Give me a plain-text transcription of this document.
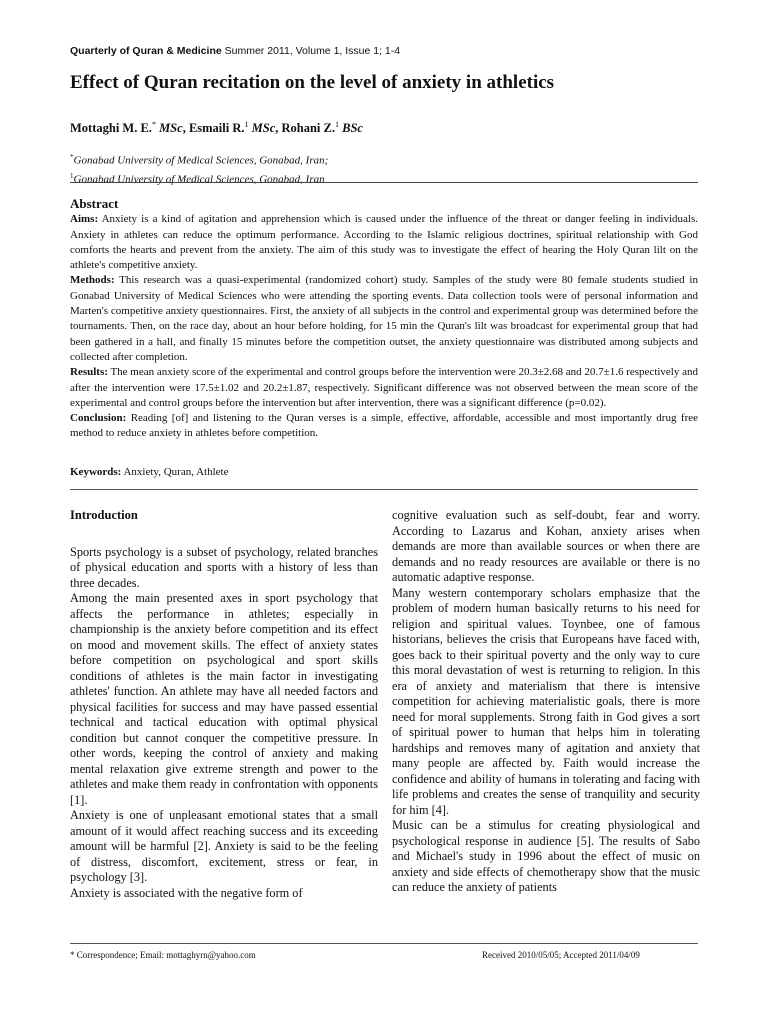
Quarterly of Quran & Medicine Summer 2011, Volume 1, Issue 1; 1-4
Effect of Quran recitation on the level of anxiety in athletics
Mottaghi M. E.* MSc, Esmaili R.$^1$ MSc, Rohani Z.$^1$ BSc
*Gonabad University of Medical Sciences, Gonabad, Iran;
$^1$Gonabad University of Medical Sciences, Gonabad, Iran
Abstract

Aims: Anxiety is a kind of agitation and apprehension which is caused under the influence of the threat or danger feeling in individuals. Anxiety in athletes can reduce the optimum performance. According to the Islamic religious doctrines, spiritual relationship with God comforts the hearts and prevent from the anxiety. The aim of this study was to investigate the effect of hearing the Holy Quran lilt on the athlete's competitive anxiety.

Methods: This research was a quasi-experimental (randomized cohort) study. Samples of the study were 80 female students studied in Gonabad University of Medical Sciences who were attending the sporting events. Data collection tools were of personal information and Marten's competitive anxiety questionnaires. First, the anxiety of all subjects in the control and experimental group was determined before the tournaments. Then, on the race day, about an hour before holding, for 15 min the Quran's lilt was broadcast for experimental group that had been gathered in a hall, and finally 15 minutes before the competition outset, the anxiety questionnaire was distributed among subjects and collected after completion.

Results: The mean anxiety score of the experimental and control groups before the intervention were 20.3±2.68 and 20.7±1.6 respectively and after the intervention were 17.5±1.02 and 20.2±1.87, respectively. Significant difference was not observed between the mean score of the experimental and control groups before the intervention but after intervention, there was a significant difference (p=0.02).

Conclusion: Reading [of] and listening to the Quran verses is a simple, effective, affordable, accessible and most importantly drug free method to reduce anxiety in athletes before competition.

Keywords: Anxiety, Quran, Athlete
Introduction

Sports psychology is a subset of psychology, related branches of physical education and sports with a history of less than three decades.

Among the main presented axes in sport psychology that affects the performance in athletes; especially in championship is the anxiety before competition and its effect on mood and movement skills. The effect of anxiety states before competition on psychological and sport skills conditions of athletes is the main factor in investigating athletes' function. An athlete may have all needed factors and physical facilities for success and may have passed essential technical and tactical education with optimal physical condition but cannot conquer the competitive pressure. In other words, keeping the control of anxiety and making mental relaxation give extreme strength and power to the athletes and make them ready in confrontation with opponents [1].

Anxiety is one of unpleasant emotional states that a small amount of it would affect reaching success and its exceeding amount will be harmful [2]. Anxiety is said to be the feeling of distress, discomfort, excitement, stress or fear, in psychology [3].

Anxiety is associated with the negative form of

cognitive evaluation such as self-doubt, fear and worry. According to Lazarus and Kohan, anxiety arises when demands are more than available sources or when there are demands and no ready resources are available or there is no automatic adaptive response.

Many western contemporary scholars emphasize that the problem of modern human basically returns to his need for religion and spiritual values. Toynbee, one of famous historians, believes the crisis that Europeans have faced with, goes back to their spiritual poverty and the only way to cure this moral devastation of west is returning to religion. In this era of anxiety and materialism that there is intensive competition for achieving materialistic goals, there is more need for moral supplements. Strong faith in God gives a sort of spiritual power to human that helps him in tolerating hardships and removes many of agitation and anxiety that many people are affected by. Faith would increase the confidence and ability of humans in tolerating and facing with life problems and creates the sense of tranquility and security for him [4].

Music can be a stimulus for creating physiological and psychological response in audience [5]. The results of Sabo and Michael's study in 1996 about the effect of music on anxiety and side effects of chemotherapy show that the music can reduce the anxiety of patients

* Correspondence; Email: mottaghyrn@yahoo.com	Received 2010/05/05; Accepted 2011/04/09
